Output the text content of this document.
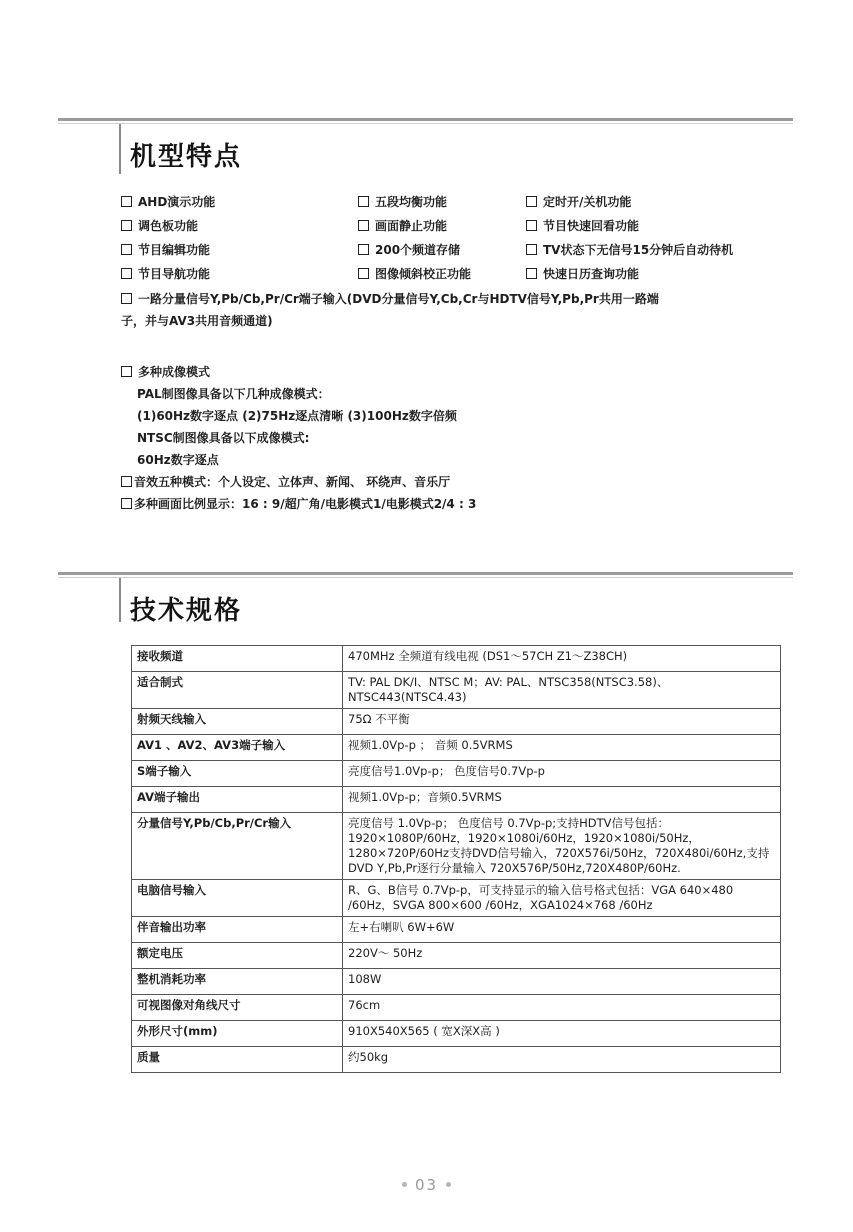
机型特点
AHD演示功能	五段均衡功能	定时开/关机功能
调色板功能	画面静止功能	节目快速回看功能
节目编辑功能	200个频道存储	TV状态下无信号15分钟后自动待机
节目导航功能	图像倾斜校正功能	快速日历查询功能
一路分量信号Y,Pb/Cb,Pr/Cr端子输入(DVD分量信号Y,Cb,Cr与HDTV信号Y,Pb,Pr共用一路端
子，并与AV3共用音频通道)
多种成像模式
PAL制图像具备以下几种成像模式：
(1)60Hz数字逐点 (2)75Hz逐点清晰 (3)100Hz数字倍频
NTSC制图像具备以下成像模式:
60Hz数字逐点
音效五种模式：个人设定、立体声、新闻、 环绕声、音乐厅
多种画面比例显示：16 : 9/超广角/电影模式1/电影模式2/4 : 3
技术规格
接收频道	470MHz 全频道有线电视 (DS1～57CH Z1～Z38CH)
适合制式	TV: PAL DK/I、NTSC M；AV: PAL、NTSC358(NTSC3.58)、NTSC443(NTSC4.43)
射频天线输入	75Ω 不平衡
AV1 、AV2、AV3端子输入	视频1.0Vp-p ； 音频 0.5VRMS
S端子输入	亮度信号1.0Vp-p； 色度信号0.7Vp-p
AV端子输出	视频1.0Vp-p；音频0.5VRMS
分量信号Y,Pb/Cb,Pr/Cr输入	亮度信号 1.0Vp-p； 色度信号 0.7Vp-p;支持HDTV信号包括：1920×1080P/60Hz，1920×1080i/60Hz，1920×1080i/50Hz，1280×720P/60Hz支持DVD信号输入，720X576i/50Hz，720X480i/60Hz,支持DVD Y,Pb,Pr逐行分量输入 720X576P/50Hz,720X480P/60Hz.
电脑信号输入	R、G、B信号 0.7Vp-p，可支持显示的输入信号格式包括：VGA 640×480 /60Hz，SVGA 800×600 /60Hz，XGA1024×768 /60Hz
伴音输出功率	左+右喇叭 6W+6W
额定电压	220V～ 50Hz
整机消耗功率	108W
可视图像对角线尺寸	76cm
外形尺寸(mm)	910X540X565 ( 宽X深X高 )
质量	约50kg
03
